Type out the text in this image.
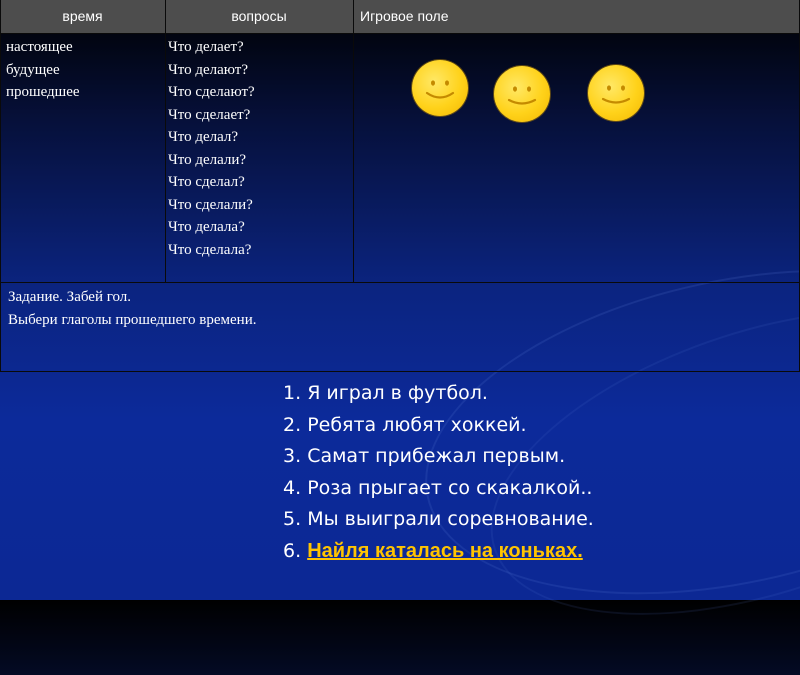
время	вопросы	Игровое поле
настоящее
будущее
прошедшее
Что делает?
Что делают?
Что сделают?
Что сделает?
Что делал?
Что делали?
Что сделал?
Что сделали?
Что делала?
Что сделала?
Задание. Забей гол.
Выбери глаголы прошедшего времени.
1. Я играл в футбол.
2. Ребята любят хоккей.
3. Самат прибежал первым.
4. Роза прыгает со скакалкой..
5. Мы выиграли соревнование.
6. Найля каталась на коньках.
